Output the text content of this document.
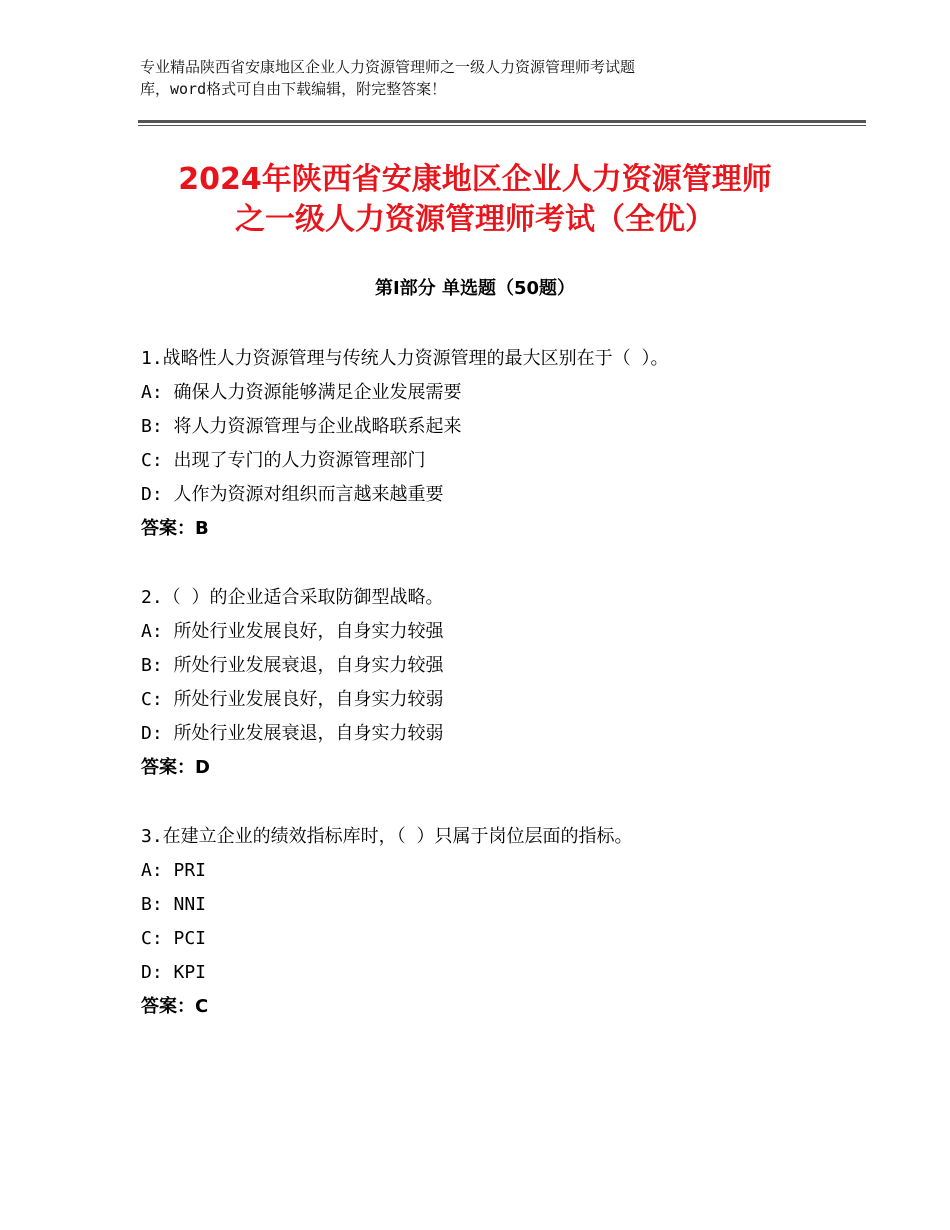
专业精品陕西省安康地区企业人力资源管理师之一级人力资源管理师考试题
库，word格式可自由下载编辑，附完整答案！
2024年陕西省安康地区企业人力资源管理师
之一级人力资源管理师考试（全优）
第Ⅰ部分 单选题（50题）
1.战略性人力资源管理与传统人力资源管理的最大区别在于（ ）。
A: 确保人力资源能够满足企业发展需要
B: 将人力资源管理与企业战略联系起来
C: 出现了专门的人力资源管理部门
D: 人作为资源对组织而言越来越重要
答案：B
2.（ ）的企业适合采取防御型战略。
A: 所处行业发展良好，自身实力较强
B: 所处行业发展衰退，自身实力较强
C: 所处行业发展良好，自身实力较弱
D: 所处行业发展衰退，自身实力较弱
答案：D
3.在建立企业的绩效指标库时，（ ）只属于岗位层面的指标。
A: PRI
B: NNI
C: PCI
D: KPI
答案：C
